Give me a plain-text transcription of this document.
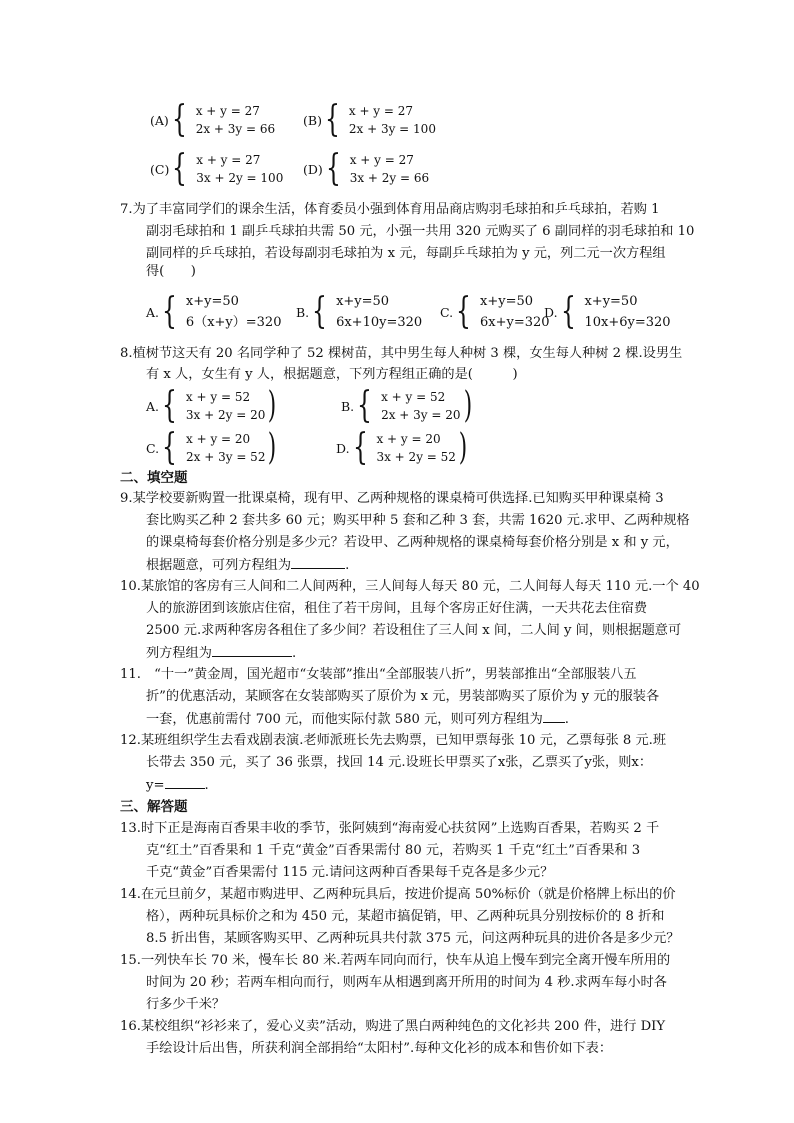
(A) { x + y = 27
2x + 3y = 66
(B) { x + y = 27
2x + 3y = 100
(C) { x + y = 27
3x + 2y = 100
(D) { x + y = 27
3x + 2y = 66
7.为了丰富同学们的课余生活，体育委员小强到体育用品商店购羽毛球拍和乒乓球拍，若购 1
副羽毛球拍和 1 副乒乓球拍共需 50 元，小强一共用 320 元购买了 6 副同样的羽毛球拍和 10
副同样的乒乓球拍，若设每副羽毛球拍为 x 元，每副乒乓球拍为 y 元，列二元一次方程组
得(　　)
A. { x+y=50
6（x+y）=320
B. { x+y=50
6x+10y=320
C. { x+y=50
6x+y=320
D. { x+y=50
10x+6y=320
8.植树节这天有 20 名同学种了 52 棵树苗，其中男生每人种树 3 棵，女生每人种树 2 棵.设男生
有 x 人，女生有 y 人，根据题意，下列方程组正确的是(　　　)
A. { x + y = 52
3x + 2y = 20 )	B. { x + y = 52
2x + 3y = 20 )
C. { x + y = 20
2x + 3y = 52 )	D. { x + y = 20
3x + 2y = 52 )
二、填空题
9.某学校要新购置一批课桌椅，现有甲、乙两种规格的课桌椅可供选择.已知购买甲种课桌椅 3
套比购买乙种 2 套共多 60 元；购买甲种 5 套和乙种 3 套，共需 1620 元.求甲、乙两种规格
的课桌椅每套价格分别是多少元？若设甲、乙两种规格的课桌椅每套价格分别是 x 和 y 元，
根据题意，可列方程组为	.
10.某旅馆的客房有三人间和二人间两种，三人间每人每天 80 元，二人间每人每天 110 元.一个 40
人的旅游团到该旅店住宿，租住了若干房间，且每个客房正好住满，一天共花去住宿费
2500 元.求两种客房各租住了多少间？若设租住了三人间 x 间，二人间 y 间，则根据题意可
列方程组为	.
11.　“十一”黄金周，国光超市“女装部”推出“全部服装八折”，男装部推出“全部服装八五
折”的优惠活动，某顾客在女装部购买了原价为 x 元，男装部购买了原价为 y 元的服装各
一套，优惠前需付 700 元，而他实际付款 580 元，则可列方程组为 .
12.某班组织学生去看戏剧表演.老师派班长先去购票，已知甲票每张 10 元，乙票每张 8 元.班
长带去 350 元，买了 36 张票，找回 14 元.设班长甲票买了x张，乙票买了y张，则x：
y=	.
三、解答题
13.时下正是海南百香果丰收的季节，张阿姨到“海南爱心扶贫网”上选购百香果，若购买 2 千
克“红土”百香果和 1 千克“黄金”百香果需付 80 元，若购买 1 千克“红土”百香果和 3
千克“黄金”百香果需付 115 元.请问这两种百香果每千克各是多少元？
14.在元旦前夕，某超市购进甲、乙两种玩具后，按进价提高 50%标价（就是价格牌上标出的价
格），两种玩具标价之和为 450 元，某超市搞促销，甲、乙两种玩具分别按标价的 8 折和
8.5 折出售，某顾客购买甲、乙两种玩具共付款 375 元，问这两种玩具的进价各是多少元？
15.一列快车长 70 米，慢车长 80 米.若两车同向而行，快车从追上慢车到完全离开慢车所用的
时间为 20 秒；若两车相向而行，则两车从相遇到离开所用的时间为 4 秒.求两车每小时各
行多少千米？
16.某校组织“衫衫来了，爱心义卖”活动，购进了黑白两种纯色的文化衫共 200 件，进行 DIY
手绘设计后出售，所获利润全部捐给“太阳村”.每种文化衫的成本和售价如下表：
